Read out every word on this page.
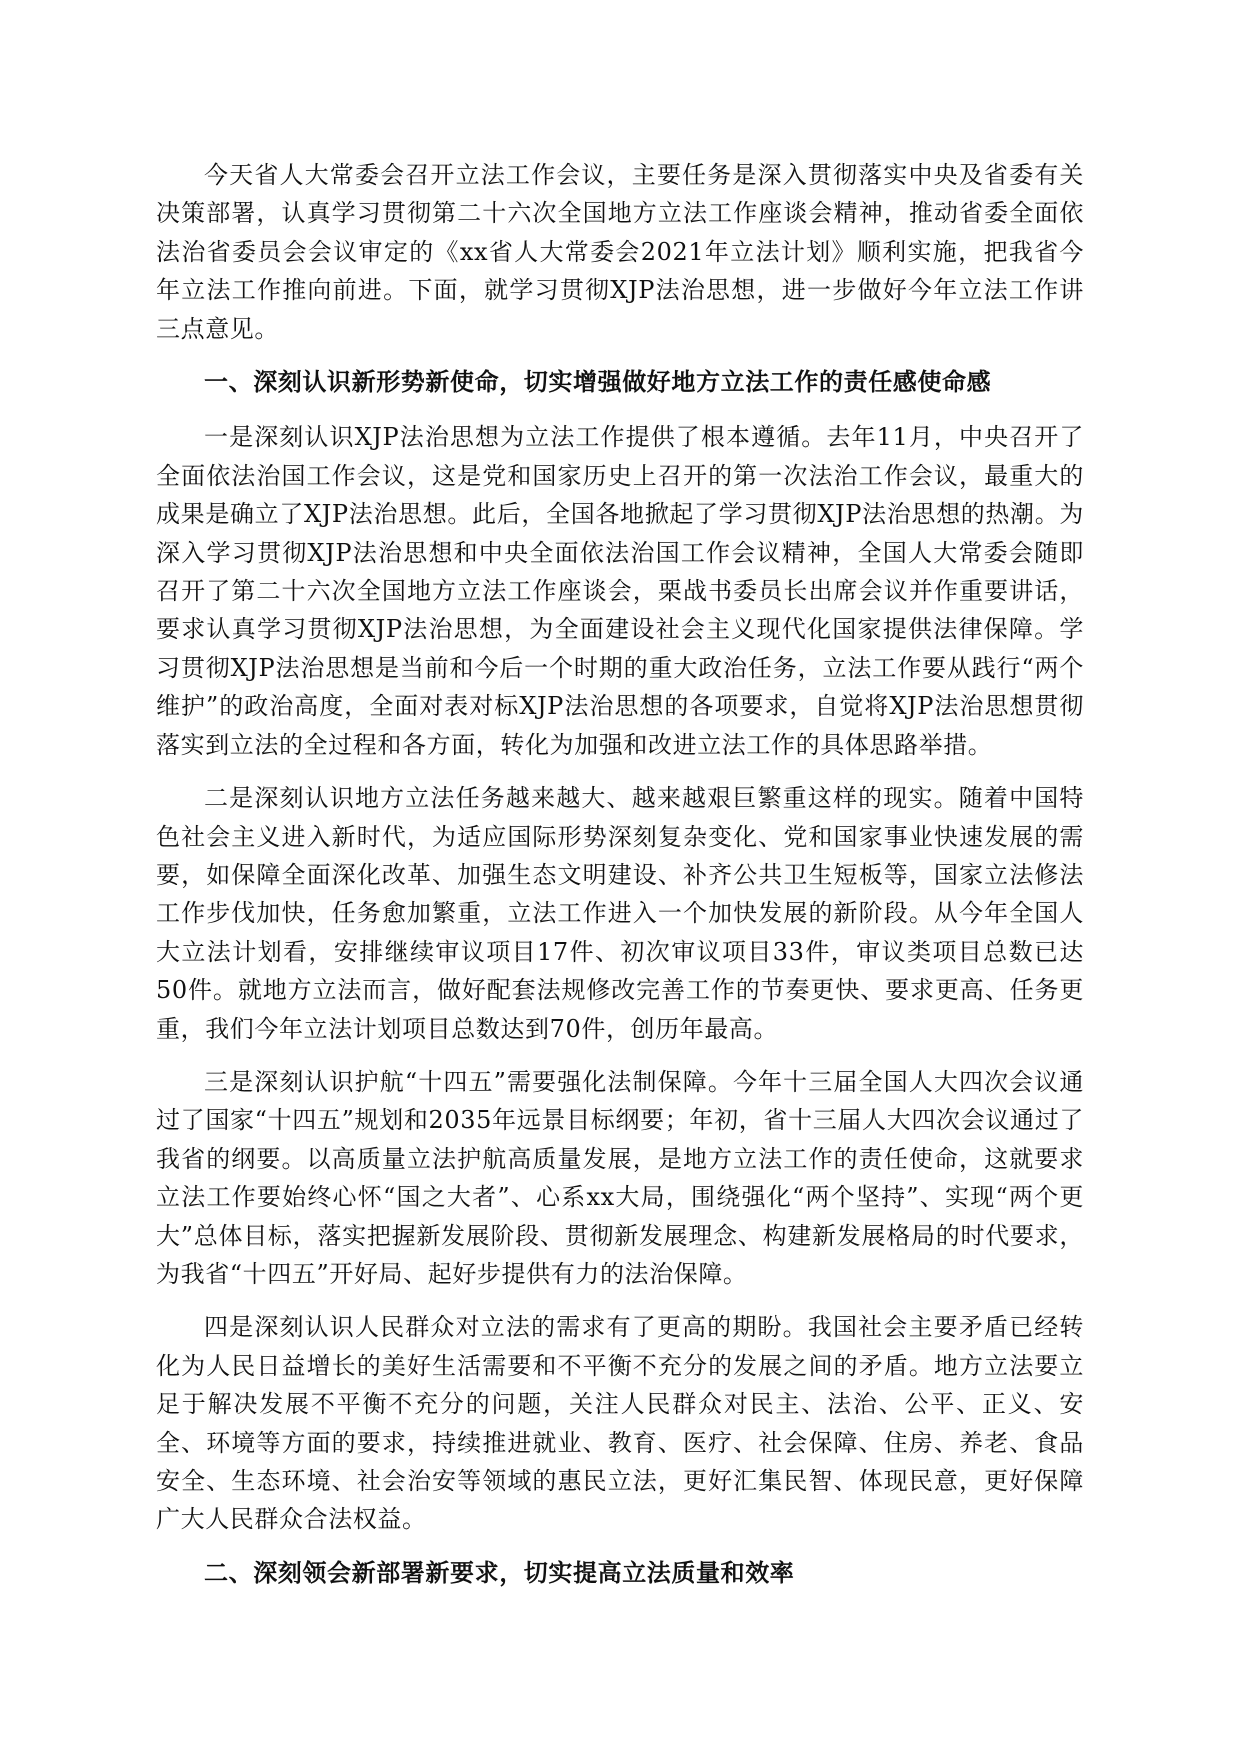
今天省人大常委会召开立法工作会议，主要任务是深入贯彻落实中央及省委有关决策部署，认真学习贯彻第二十六次全国地方立法工作座谈会精神，推动省委全面依法治省委员会会议审定的《xx省人大常委会2021年立法计划》顺利实施，把我省今年立法工作推向前进。下面，就学习贯彻XJP法治思想，进一步做好今年立法工作讲三点意见。

一、深刻认识新形势新使命，切实增强做好地方立法工作的责任感使命感

一是深刻认识XJP法治思想为立法工作提供了根本遵循。去年11月，中央召开了全面依法治国工作会议，这是党和国家历史上召开的第一次法治工作会议，最重大的成果是确立了XJP法治思想。此后，全国各地掀起了学习贯彻XJP法治思想的热潮。为深入学习贯彻XJP法治思想和中央全面依法治国工作会议精神，全国人大常委会随即召开了第二十六次全国地方立法工作座谈会，栗战书委员长出席会议并作重要讲话，要求认真学习贯彻XJP法治思想，为全面建设社会主义现代化国家提供法律保障。学习贯彻XJP法治思想是当前和今后一个时期的重大政治任务，立法工作要从践行“两个维护”的政治高度，全面对表对标XJP法治思想的各项要求，自觉将XJP法治思想贯彻落实到立法的全过程和各方面，转化为加强和改进立法工作的具体思路举措。

二是深刻认识地方立法任务越来越大、越来越艰巨繁重这样的现实。随着中国特色社会主义进入新时代，为适应国际形势深刻复杂变化、党和国家事业快速发展的需要，如保障全面深化改革、加强生态文明建设、补齐公共卫生短板等，国家立法修法工作步伐加快，任务愈加繁重，立法工作进入一个加快发展的新阶段。从今年全国人大立法计划看，安排继续审议项目17件、初次审议项目33件，审议类项目总数已达50件。就地方立法而言，做好配套法规修改完善工作的节奏更快、要求更高、任务更重，我们今年立法计划项目总数达到70件，创历年最高。

三是深刻认识护航“十四五”需要强化法制保障。今年十三届全国人大四次会议通过了国家“十四五”规划和2035年远景目标纲要；年初，省十三届人大四次会议通过了我省的纲要。以高质量立法护航高质量发展，是地方立法工作的责任使命，这就要求立法工作要始终心怀“国之大者”、心系xx大局，围绕强化“两个坚持”、实现“两个更大”总体目标，落实把握新发展阶段、贯彻新发展理念、构建新发展格局的时代要求，为我省“十四五”开好局、起好步提供有力的法治保障。

四是深刻认识人民群众对立法的需求有了更高的期盼。我国社会主要矛盾已经转化为人民日益增长的美好生活需要和不平衡不充分的发展之间的矛盾。地方立法要立足于解决发展不平衡不充分的问题，关注人民群众对民主、法治、公平、正义、安全、环境等方面的要求，持续推进就业、教育、医疗、社会保障、住房、养老、食品安全、生态环境、社会治安等领域的惠民立法，更好汇集民智、体现民意，更好保障广大人民群众合法权益。

二、深刻领会新部署新要求，切实提高立法质量和效率
